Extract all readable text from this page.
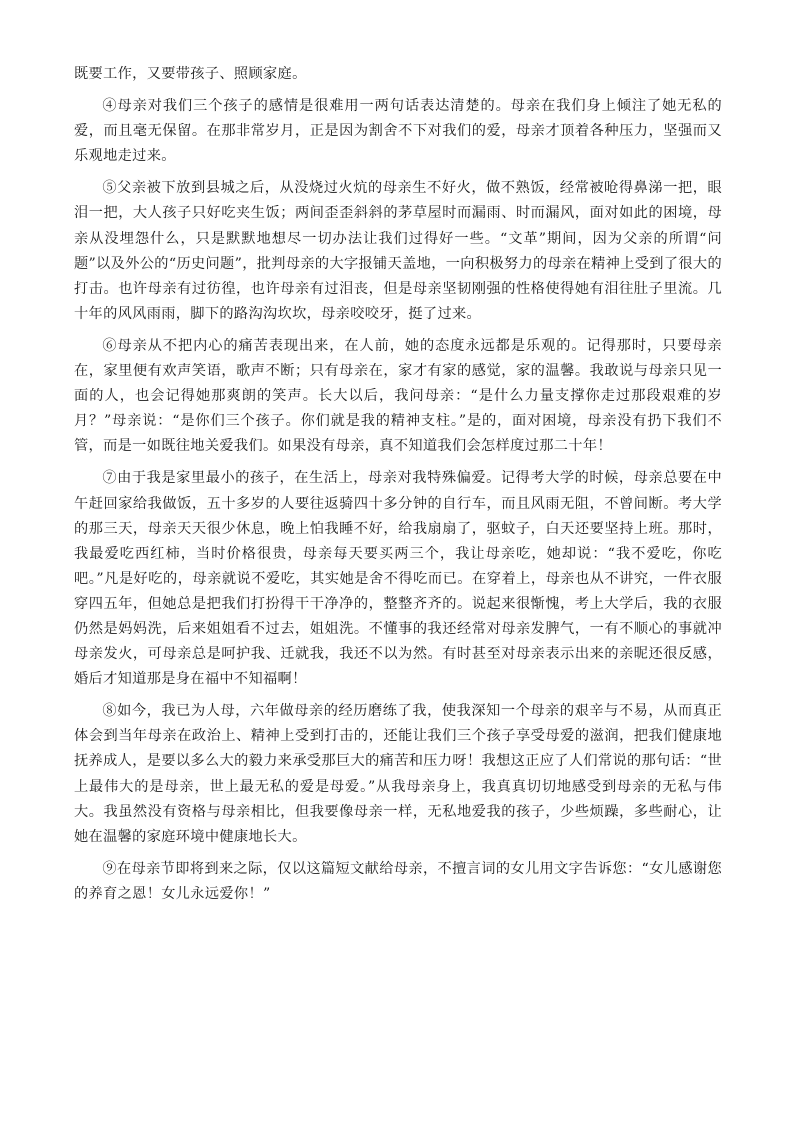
既要工作，又要带孩子、照顾家庭。

④母亲对我们三个孩子的感情是很难用一两句话表达清楚的。母亲在我们身上倾注了她无私的爱，而且毫无保留。在那非常岁月，正是因为割舍不下对我们的爱，母亲才顶着各种压力，坚强而又乐观地走过来。

⑤父亲被下放到县城之后，从没烧过火炕的母亲生不好火，做不熟饭，经常被呛得鼻涕一把，眼泪一把，大人孩子只好吃夹生饭；两间歪歪斜斜的茅草屋时而漏雨、时而漏风，面对如此的困境，母亲从没埋怨什么，只是默默地想尽一切办法让我们过得好一些。“文革”期间，因为父亲的所谓“问题”以及外公的“历史问题”，批判母亲的大字报铺天盖地，一向积极努力的母亲在精神上受到了很大的打击。也许母亲有过彷徨，也许母亲有过泪丧，但是母亲坚韧刚强的性格使得她有泪往肚子里流。几十年的风风雨雨，脚下的路沟沟坎坎，母亲咬咬牙，挺了过来。

⑥母亲从不把内心的痛苦表现出来，在人前，她的态度永远都是乐观的。记得那时，只要母亲在，家里便有欢声笑语，歌声不断；只有母亲在，家才有家的感觉，家的温馨。我敢说与母亲只见一面的人，也会记得她那爽朗的笑声。长大以后，我问母亲：“是什么力量支撑你走过那段艰难的岁月？”母亲说：“是你们三个孩子。你们就是我的精神支柱。”是的，面对困境，母亲没有扔下我们不管，而是一如既往地关爱我们。如果没有母亲，真不知道我们会怎样度过那二十年！

⑦由于我是家里最小的孩子，在生活上，母亲对我特殊偏爱。记得考大学的时候，母亲总要在中午赶回家给我做饭，五十多岁的人要往返骑四十多分钟的自行车，而且风雨无阻，不曾间断。考大学的那三天，母亲天天很少休息，晚上怕我睡不好，给我扇扇了，驱蚊子，白天还要坚持上班。那时，我最爱吃西红柿，当时价格很贵，母亲每天要买两三个，我让母亲吃，她却说：“我不爱吃，你吃吧。”凡是好吃的，母亲就说不爱吃，其实她是舍不得吃而已。在穿着上，母亲也从不讲究，一件衣服穿四五年，但她总是把我们打扮得干干净净的，整整齐齐的。说起来很惭愧，考上大学后，我的衣服仍然是妈妈洗，后来姐姐看不过去，姐姐洗。不懂事的我还经常对母亲发脾气，一有不顺心的事就冲母亲发火，可母亲总是呵护我、迁就我，我还不以为然。有时甚至对母亲表示出来的亲昵还很反感，婚后才知道那是身在福中不知福啊！

⑧如今，我已为人母，六年做母亲的经历磨练了我，使我深知一个母亲的艰辛与不易，从而真正体会到当年母亲在政治上、精神上受到打击的，还能让我们三个孩子享受母爱的滋润，把我们健康地抚养成人，是要以多么大的毅力来承受那巨大的痛苦和压力呀！我想这正应了人们常说的那句话：“世上最伟大的是母亲，世上最无私的爱是母爱。”从我母亲身上，我真真切切地感受到母亲的无私与伟大。我虽然没有资格与母亲相比，但我要像母亲一样，无私地爱我的孩子，少些烦躁，多些耐心，让她在温馨的家庭环境中健康地长大。

⑨在母亲节即将到来之际，仅以这篇短文献给母亲，不擅言词的女儿用文字告诉您：“女儿感谢您的养育之恩！女儿永远爱你！”
